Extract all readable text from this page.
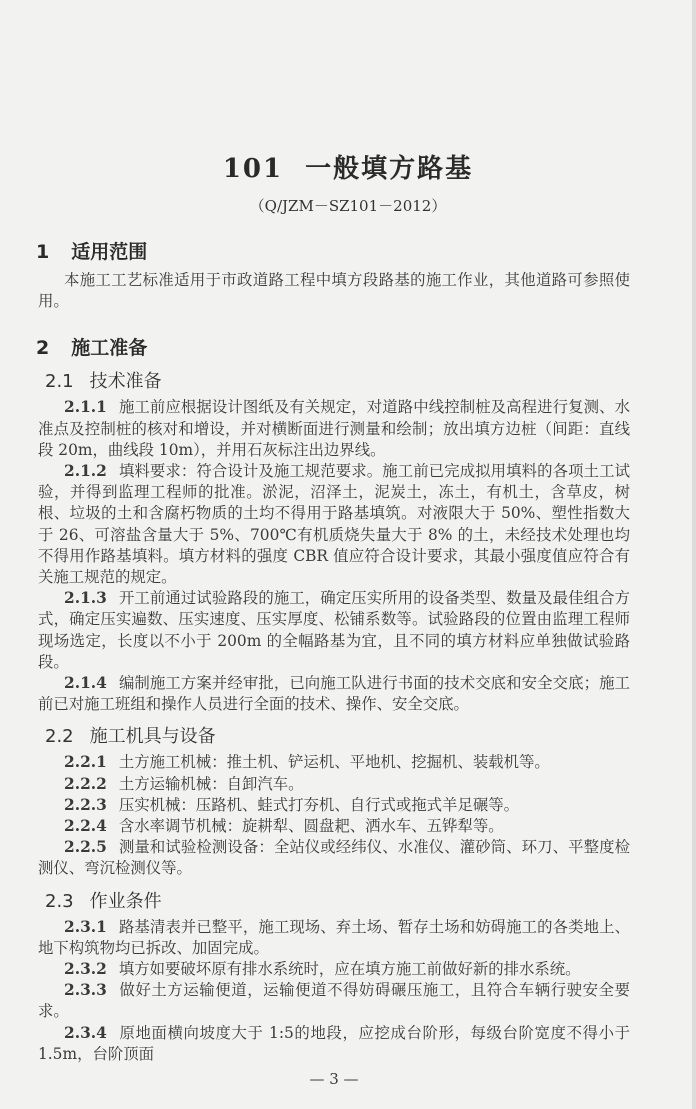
101 一般填方路基
（Q/JZM－SZ101－2012）
1 适用范围
本施工工艺标准适用于市政道路工程中填方段路基的施工作业，其他道路可参照使用。
2 施工准备
2.1 技术准备
2.1.1 施工前应根据设计图纸及有关规定，对道路中线控制桩及高程进行复测、水准点及控制桩的核对和增设，并对横断面进行测量和绘制；放出填方边桩（间距：直线段 20m，曲线段 10m），并用石灰标注出边界线。
2.1.2 填料要求：符合设计及施工规范要求。施工前已完成拟用填料的各项土工试验，并得到监理工程师的批准。淤泥，沼泽土，泥炭土，冻土，有机土，含草皮，树根、垃圾的土和含腐朽物质的土均不得用于路基填筑。对液限大于 50%、塑性指数大于 26、可溶盐含量大于 5%、700℃有机质烧失量大于 8% 的土，未经技术处理也均不得用作路基填料。填方材料的强度 CBR 值应符合设计要求，其最小强度值应符合有关施工规范的规定。
2.1.3 开工前通过试验路段的施工，确定压实所用的设备类型、数量及最佳组合方式，确定压实遍数、压实速度、压实厚度、松铺系数等。试验路段的位置由监理工程师现场选定，长度以不小于 200m 的全幅路基为宜，且不同的填方材料应单独做试验路段。
2.1.4 编制施工方案并经审批，已向施工队进行书面的技术交底和安全交底；施工前已对施工班组和操作人员进行全面的技术、操作、安全交底。
2.2 施工机具与设备
2.2.1 土方施工机械：推土机、铲运机、平地机、挖掘机、装载机等。
2.2.2 土方运输机械：自卸汽车。
2.2.3 压实机械：压路机、蛙式打夯机、自行式或拖式羊足碾等。
2.2.4 含水率调节机械：旋耕犁、圆盘耙、洒水车、五铧犁等。
2.2.5 测量和试验检测设备：全站仪或经纬仪、水准仪、灌砂筒、环刀、平整度检测仪、弯沉检测仪等。
2.3 作业条件
2.3.1 路基清表并已整平，施工现场、弃土场、暂存土场和妨碍施工的各类地上、地下构筑物均已拆改、加固完成。
2.3.2 填方如要破坏原有排水系统时，应在填方施工前做好新的排水系统。
2.3.3 做好土方运输便道，运输便道不得妨碍碾压施工，且符合车辆行驶安全要求。
2.3.4 原地面横向坡度大于 1:5的地段，应挖成台阶形，每级台阶宽度不得小于 1.5m，台阶顶面
— 3 —
